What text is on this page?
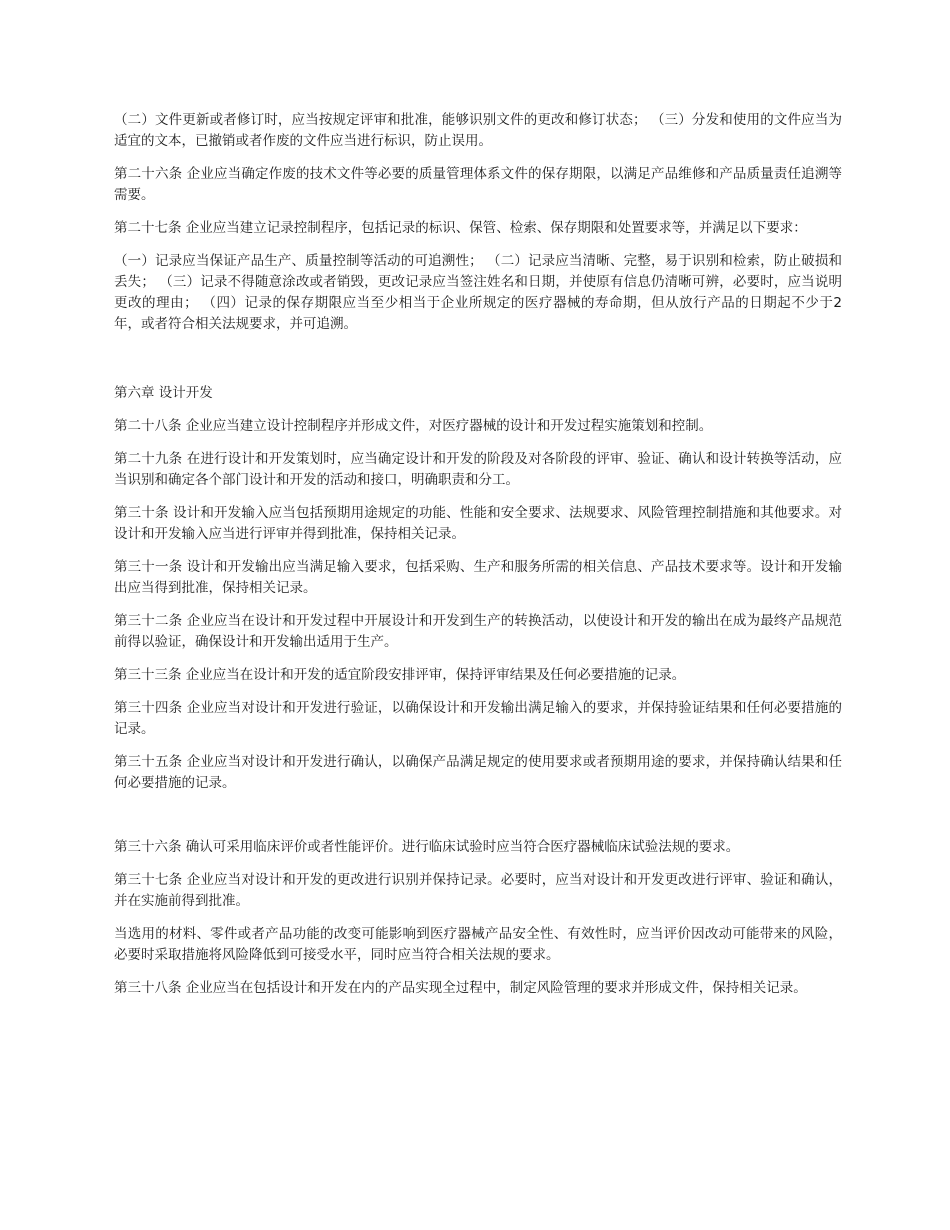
（二）文件更新或者修订时，应当按规定评审和批准，能够识别文件的更改和修订状态； （三）分发和使用的文件应当为适宜的文本，已撤销或者作废的文件应当进行标识，防止误用。

第二十六条 企业应当确定作废的技术文件等必要的质量管理体系文件的保存期限，以满足产品维修和产品质量责任追溯等需要。

第二十七条 企业应当建立记录控制程序，包括记录的标识、保管、检索、保存期限和处置要求等，并满足以下要求：

（一）记录应当保证产品生产、质量控制等活动的可追溯性； （二）记录应当清晰、完整，易于识别和检索，防止破损和丢失； （三）记录不得随意涂改或者销毁，更改记录应当签注姓名和日期，并使原有信息仍清晰可辨，必要时，应当说明更改的理由； （四）记录的保存期限应当至少相当于企业所规定的医疗器械的寿命期，但从放行产品的日期起不少于2年，或者符合相关法规要求，并可追溯。

第六章 设计开发

第二十八条 企业应当建立设计控制程序并形成文件，对医疗器械的设计和开发过程实施策划和控制。

第二十九条 在进行设计和开发策划时，应当确定设计和开发的阶段及对各阶段的评审、验证、确认和设计转换等活动，应当识别和确定各个部门设计和开发的活动和接口，明确职责和分工。

第三十条 设计和开发输入应当包括预期用途规定的功能、性能和安全要求、法规要求、风险管理控制措施和其他要求。对设计和开发输入应当进行评审并得到批准，保持相关记录。

第三十一条 设计和开发输出应当满足输入要求，包括采购、生产和服务所需的相关信息、产品技术要求等。设计和开发输出应当得到批准，保持相关记录。

第三十二条 企业应当在设计和开发过程中开展设计和开发到生产的转换活动，以使设计和开发的输出在成为最终产品规范前得以验证，确保设计和开发输出适用于生产。

第三十三条 企业应当在设计和开发的适宜阶段安排评审，保持评审结果及任何必要措施的记录。

第三十四条 企业应当对设计和开发进行验证，以确保设计和开发输出满足输入的要求，并保持验证结果和任何必要措施的记录。

第三十五条 企业应当对设计和开发进行确认，以确保产品满足规定的使用要求或者预期用途的要求，并保持确认结果和任何必要措施的记录。

第三十六条 确认可采用临床评价或者性能评价。进行临床试验时应当符合医疗器械临床试验法规的要求。

第三十七条 企业应当对设计和开发的更改进行识别并保持记录。必要时，应当对设计和开发更改进行评审、验证和确认，并在实施前得到批准。

当选用的材料、零件或者产品功能的改变可能影响到医疗器械产品安全性、有效性时，应当评价因改动可能带来的风险，必要时采取措施将风险降低到可接受水平，同时应当符合相关法规的要求。

第三十八条 企业应当在包括设计和开发在内的产品实现全过程中，制定风险管理的要求并形成文件，保持相关记录。
